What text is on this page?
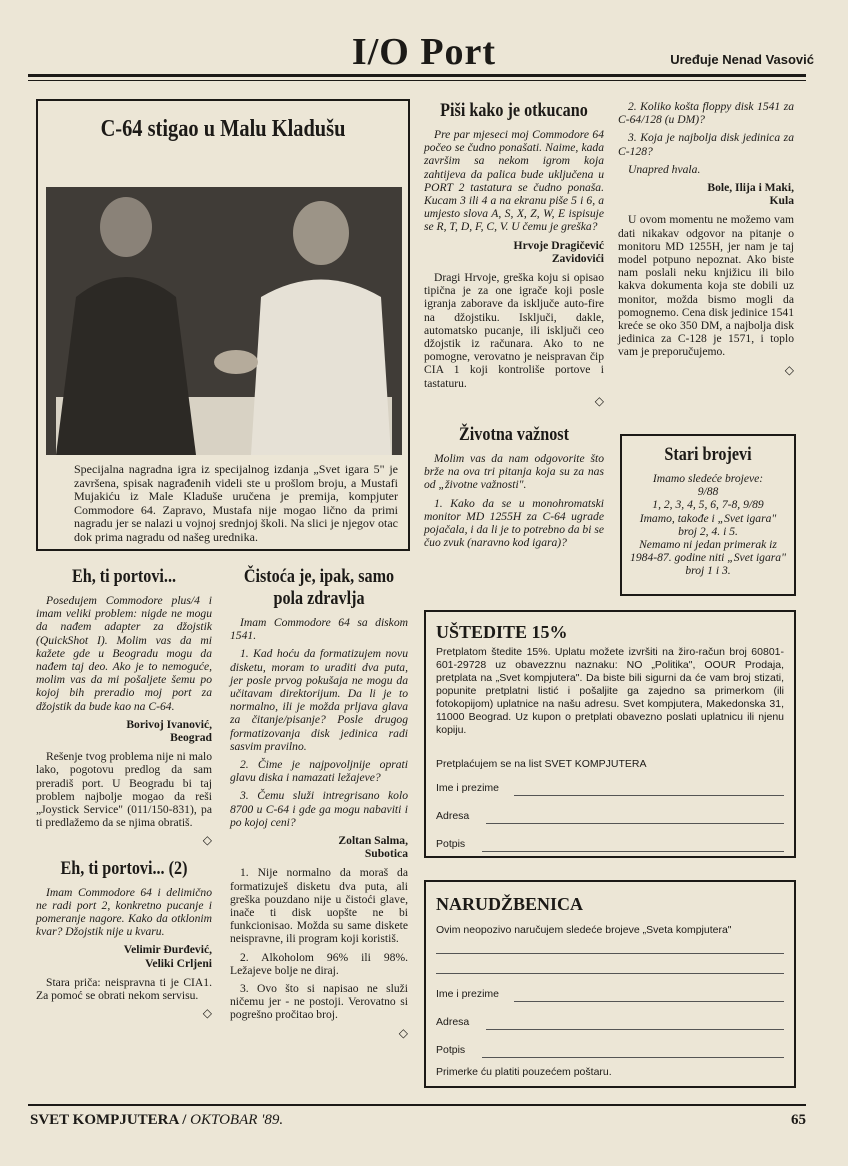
I/O Port	Uređuje Nenad Vasović
C-64 stigao u Malu Kladušu
Specijalna nagradna igra iz specijalnog izdanja „Svet igara 5" je završena, spisak nagrađenih videli ste u prošlom broju, a Mustafi Mujakiću iz Male Kladuše uručena je premija, kompjuter Commodore 64. Zapravo, Mustafa nije mogao lično da primi nagradu jer se nalazi u vojnoj srednjoj školi. Na slici je njegov otac dok prima nagradu od našeg urednika.
Eh, ti portovi...

Posedujem Commodore plus/4 i imam veliki problem: nigde ne mogu da nađem adapter za džojstik (QuickShot I). Molim vas da mi kažete gde u Beogradu mogu da nađem taj deo. Ako je to nemoguće, molim vas da mi pošaljete šemu po kojoj bih preradio moj port za džojstik da bude kao na C-64.

Borivoj Ivanović,
Beograd

Rešenje tvog problema nije ni malo lako, pogotovu predlog da sam preradiš port. U Beogradu bi taj problem najbolje mogao da reši „Joystick Service" (011/150-831), pa ti predlažemo da se njima obratiš.

◇
Eh, ti portovi... (2)

Imam Commodore 64 i delimično ne radi port 2, konkretno pucanje i pomeranje nagore. Kako da otklonim kvar? Džojstik nije u kvaru.

Velimir Đurđević,
Veliki Crljeni

Stara priča: neispravna ti je CIA1. Za pomoć se obrati nekom servisu.

◇
Čistoća je, ipak, samo pola zdravlja

Imam Commodore 64 sa diskom 1541.

1. Kad hoću da formatizujem novu disketu, moram to uraditi dva puta, jer posle prvog pokušaja ne mogu da učitavam direktorijum. Da li je to normalno, ili je možda prljava glava za čitanje/pisanje? Posle drugog formatizovanja disk jedinica radi sasvim pravilno.

2. Čime je najpovoljnije oprati glavu diska i namazati ležajeve?

3. Čemu služi intregrisano kolo 8700 u C-64 i gde ga mogu nabaviti i po kojoj ceni?

Zoltan Salma,
Subotica

1. Nije normalno da moraš da formatizuješ disketu dva puta, ali greška pouzdano nije u čistoći glave, inače ti disk uopšte ne bi funkcionisao. Možda su same diskete neispravne, ili program koji koristiš.

2. Alkoholom 96% ili 98%. Ležajeve bolje ne diraj.

3. Ovo što si napisao ne služi ničemu jer - ne postoji. Verovatno si pogrešno pročitao broj.

◇
Piši kako je otkucano

Pre par mjeseci moj Commodore 64 počeo se čudno ponašati. Naime, kada završim sa nekom igrom koja zahtijeva da palica bude uključena u PORT 2 tastatura se čudno ponaša. Kucam 3 ili 4 a na ekranu piše 5 i 6, a umjesto slova A, S, X, Z, W, E ispisuje se R, T, D, F, C, V. U čemu je greška?

Hrvoje Dragičević
Zavidovići

Dragi Hrvoje, greška koju si opisao tipična je za one igrače koji posle igranja zaborave da isključe auto-fire na džojstiku. Isključi, dakle, automatsko pucanje, ili isključi ceo džojstik iz računara. Ako to ne pomogne, verovatno je neispravan čip CIA 1 koji kontroliše portove i tastaturu.

◇
Životna važnost

Molim vas da nam odgovorite što brže na ova tri pitanja koja su za nas od „životne važnosti".

1. Kako da se u monohromatski monitor MD 1255H za C-64 ugrade pojačala, i da li je to potrebno da bi se čuo zvuk (naravno kod igara)?

2. Koliko košta floppy disk 1541 za C-64/128 (u DM)?

3. Koja je najbolja disk jedinica za C-128?

Unapred hvala.

Bole, Ilija i Maki,
Kula

U ovom momentu ne možemo vam dati nikakav odgovor na pitanje o monitoru MD 1255H, jer nam je taj model potpuno nepoznat. Ako biste nam poslali neku knjižicu ili bilo kakva dokumenta koja ste dobili uz monitor, možda bismo mogli da pomognemo. Cena disk jedinice 1541 kreće se oko 350 DM, a najbolja disk jedinica za C-128 je 1571, i toplo vam je preporučujemo.

◇
Stari brojevi
Imamo sledeće brojeve:
9/88
1, 2, 3, 4, 5, 6, 7-8, 9/89
Imamo, takođe i „Svet igara" broj 2, 4. i 5.
Nemamo ni jedan primerak iz 1984-87. godine niti „Svet igara" broj 1 i 3.
UŠTEDITE 15%
Pretplatom štedite 15%. Uplatu možete izvršiti na žiro-račun broj 60801-601-29728 uz obavezznu naznaku: NO „Politika", OOUR Prodaja, pretplata na „Svet kompjutera". Da biste bili sigurni da će vam broj stizati, popunite pretplatni listić i pošaljite ga zajedno sa primerkom (ili fotokopijom) uplatnice na našu adresu. Svet kompjutera, Makedonska 31, 11000 Beograd. Uz kupon o pretplati obavezno poslati uplatnicu ili njenu kopiju.
Pretplaćujem se na list SVET KOMPJUTERA
Ime i prezime
Adresa
Potpis
NARUDŽBENICA
Ovim neopozivo naručujem sledeće brojeve „Sveta kompjutera"
Ime i prezime
Adresa
Potpis
Primerke ću platiti pouzećem poštaru.
SVET KOMPJUTERA / OKTOBAR '89.	65
